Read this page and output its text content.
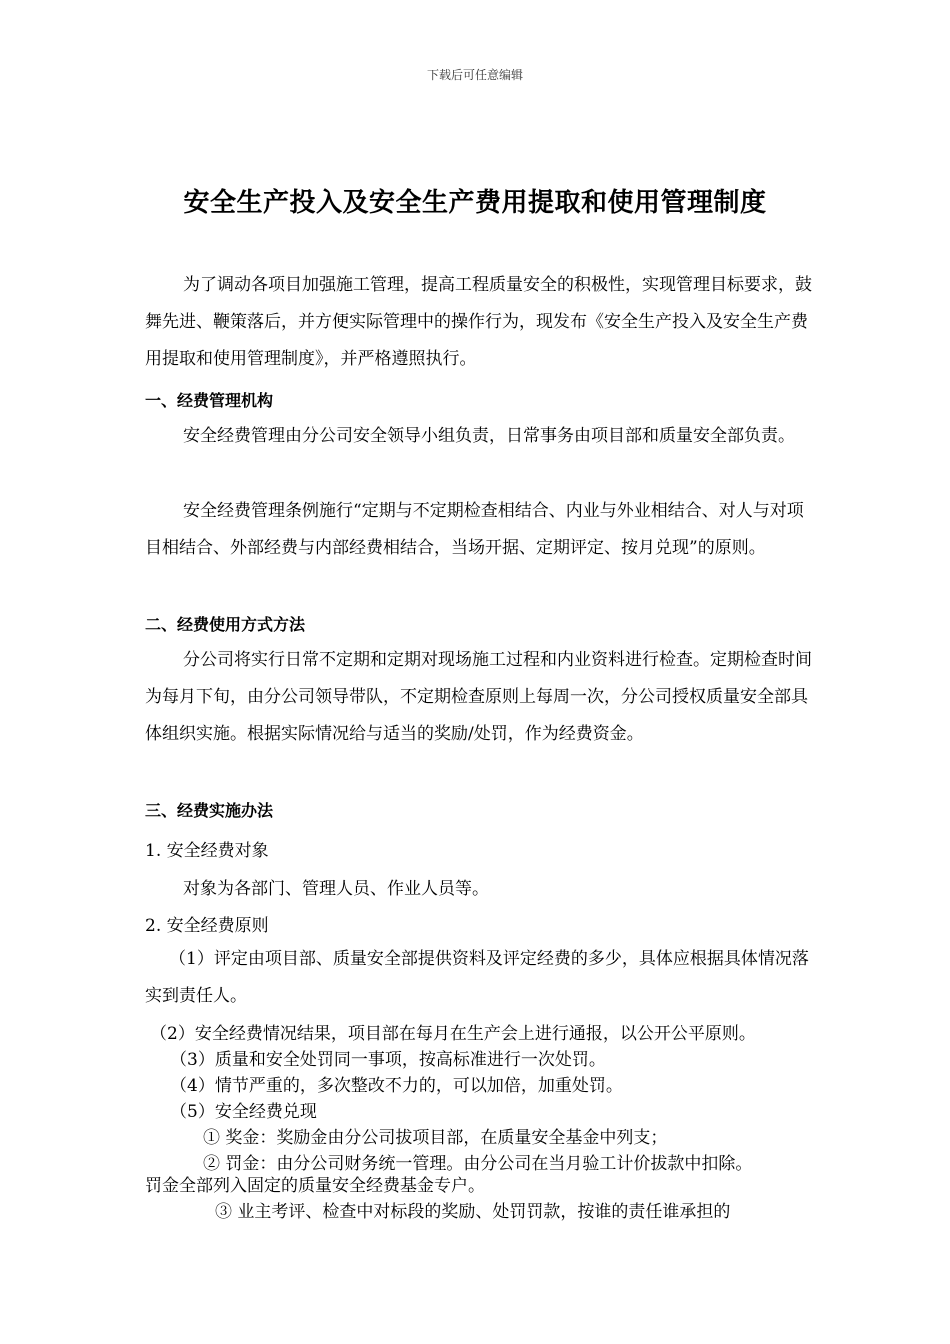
下载后可任意编辑
安全生产投入及安全生产费用提取和使用管理制度

为了调动各项目加强施工管理，提高工程质量安全的积极性，实现管理目标要求，鼓舞先进、鞭策落后，并方便实际管理中的操作行为，现发布《安全生产投入及安全生产费用提取和使用管理制度》，并严格遵照执行。

一、经费管理机构

安全经费管理由分公司安全领导小组负责，日常事务由项目部和质量安全部负责。

安全经费管理条例施行“定期与不定期检查相结合、内业与外业相结合、对人与对项目相结合、外部经费与内部经费相结合，当场开据、定期评定、按月兑现”的原则。

二、经费使用方式方法

分公司将实行日常不定期和定期对现场施工过程和内业资料进行检查。定期检查时间为每月下旬，由分公司领导带队，不定期检查原则上每周一次，分公司授权质量安全部具体组织实施。根据实际情况给与适当的奖励/处罚，作为经费资金。

三、经费实施办法

1. 安全经费对象

对象为各部门、管理人员、作业人员等。

2. 安全经费原则

（1）评定由项目部、质量安全部提供资料及评定经费的多少，具体应根据具体情况落实到责任人。

（2）安全经费情况结果，项目部在每月在生产会上进行通报，以公开公平原则。

（3）质量和安全处罚同一事项，按高标准进行一次处罚。

（4）情节严重的，多次整改不力的，可以加倍，加重处罚。

（5）安全经费兑现

① 奖金：奖励金由分公司拔项目部，在质量安全基金中列支；

② 罚金：由分公司财务统一管理。由分公司在当月验工计价拔款中扣除。

罚金全部列入固定的质量安全经费基金专户。

③ 业主考评、检查中对标段的奖励、处罚罚款，按谁的责任谁承担的
